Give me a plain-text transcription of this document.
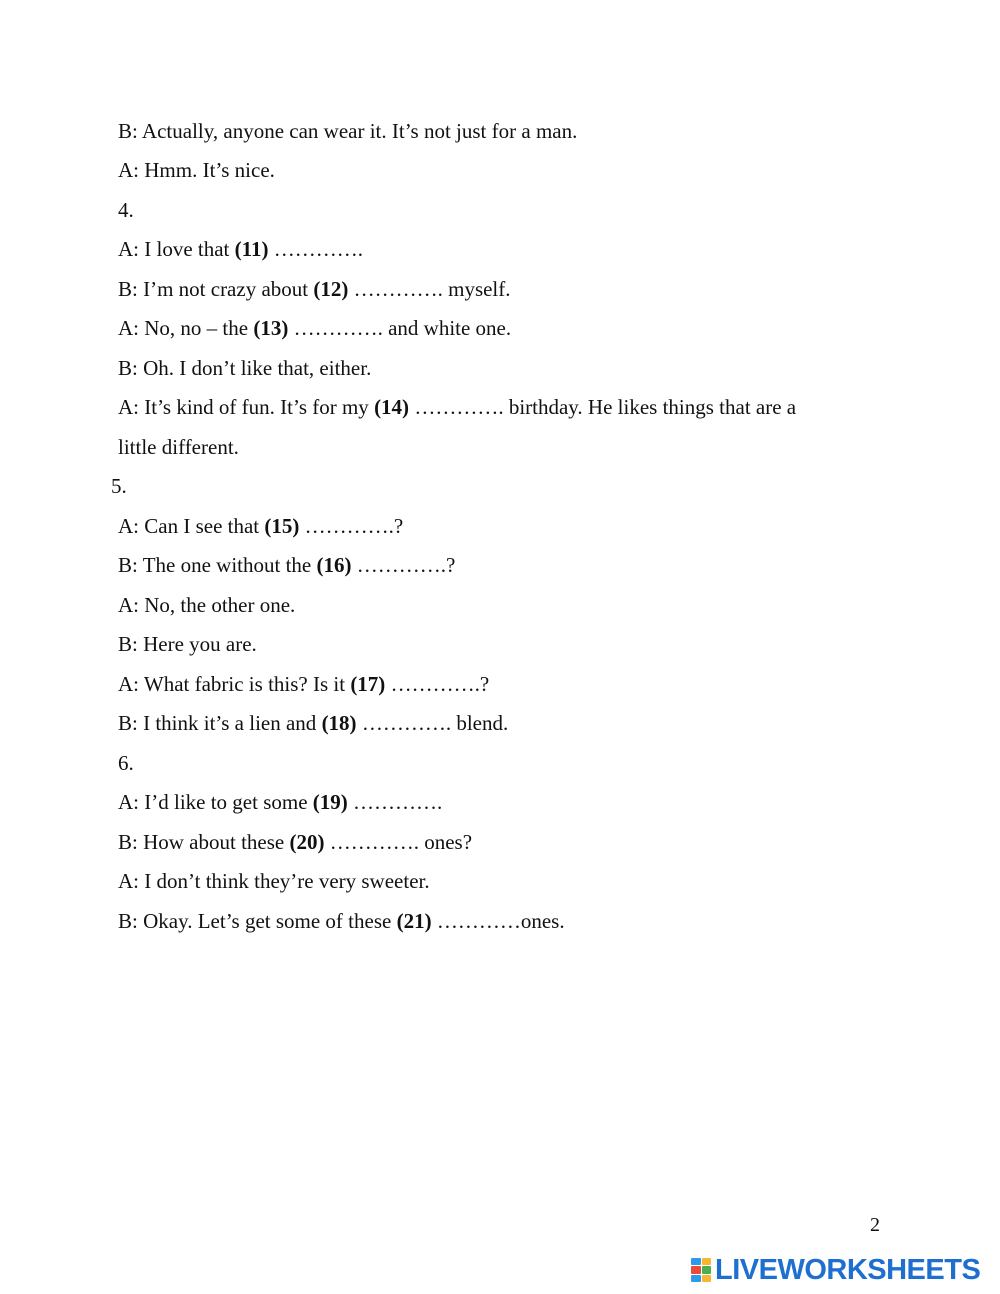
B: Actually, anyone can wear it. It’s not just for a man.
A: Hmm. It’s nice.
4.
A: I love that (11) ………….
B: I’m not crazy about (12) …………. myself.
A: No, no – the (13) …………. and white one.
B: Oh. I don’t like that, either.
A: It’s kind of fun. It’s for my (14) …………. birthday. He likes things that are a
little different.
5.
A: Can I see that (15) ………….?
B: The one without the (16) ………….?
A: No, the other one.
B: Here you are.
A: What fabric is this? Is it (17) ………….?
B: I think it’s a lien and (18) …………. blend.
6.
A: I’d like to get some (19) ………….
B: How about these (20) …………. ones?
A: I don’t think they’re very sweeter.
B: Okay. Let’s get some of these (21) …………ones.
2
LIVEWORKSHEETS
